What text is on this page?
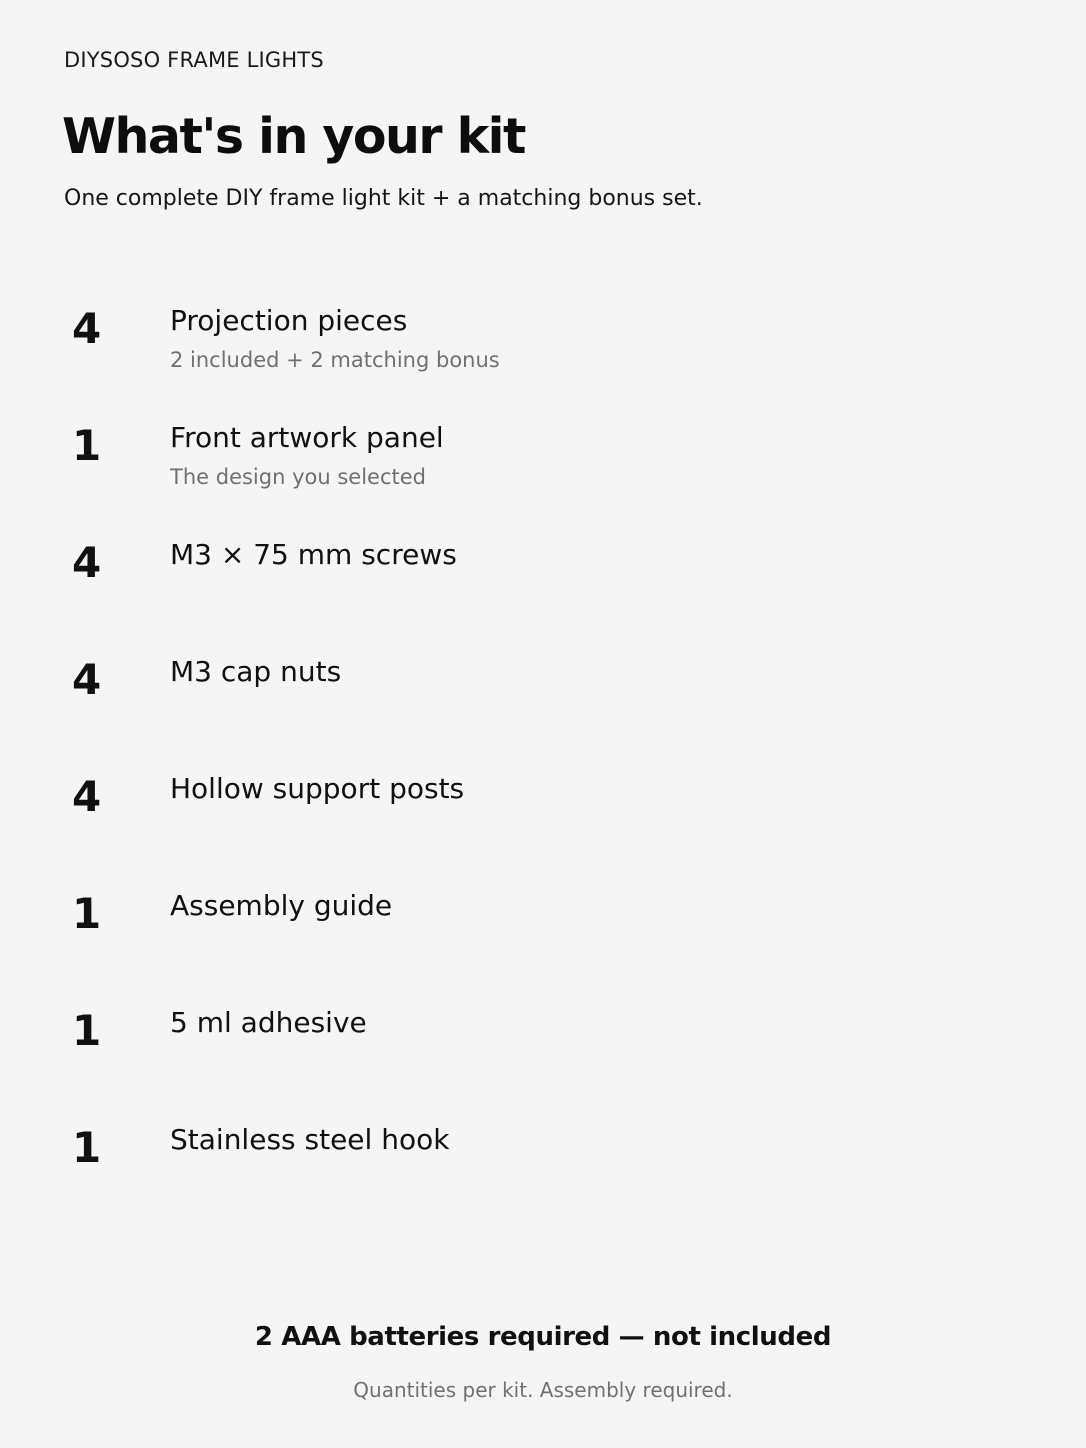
DIYSOSO FRAME LIGHTS
What's in your kit
One complete DIY frame light kit + a matching bonus set.
4 Projection pieces
2 included + 2 matching bonus
1 Front artwork panel
The design you selected
4 M3 × 75 mm screws
4 M3 cap nuts
4 Hollow support posts
1 Assembly guide
1 5 ml adhesive
1 Stainless steel hook
2 AAA batteries required — not included
Quantities per kit. Assembly required.
